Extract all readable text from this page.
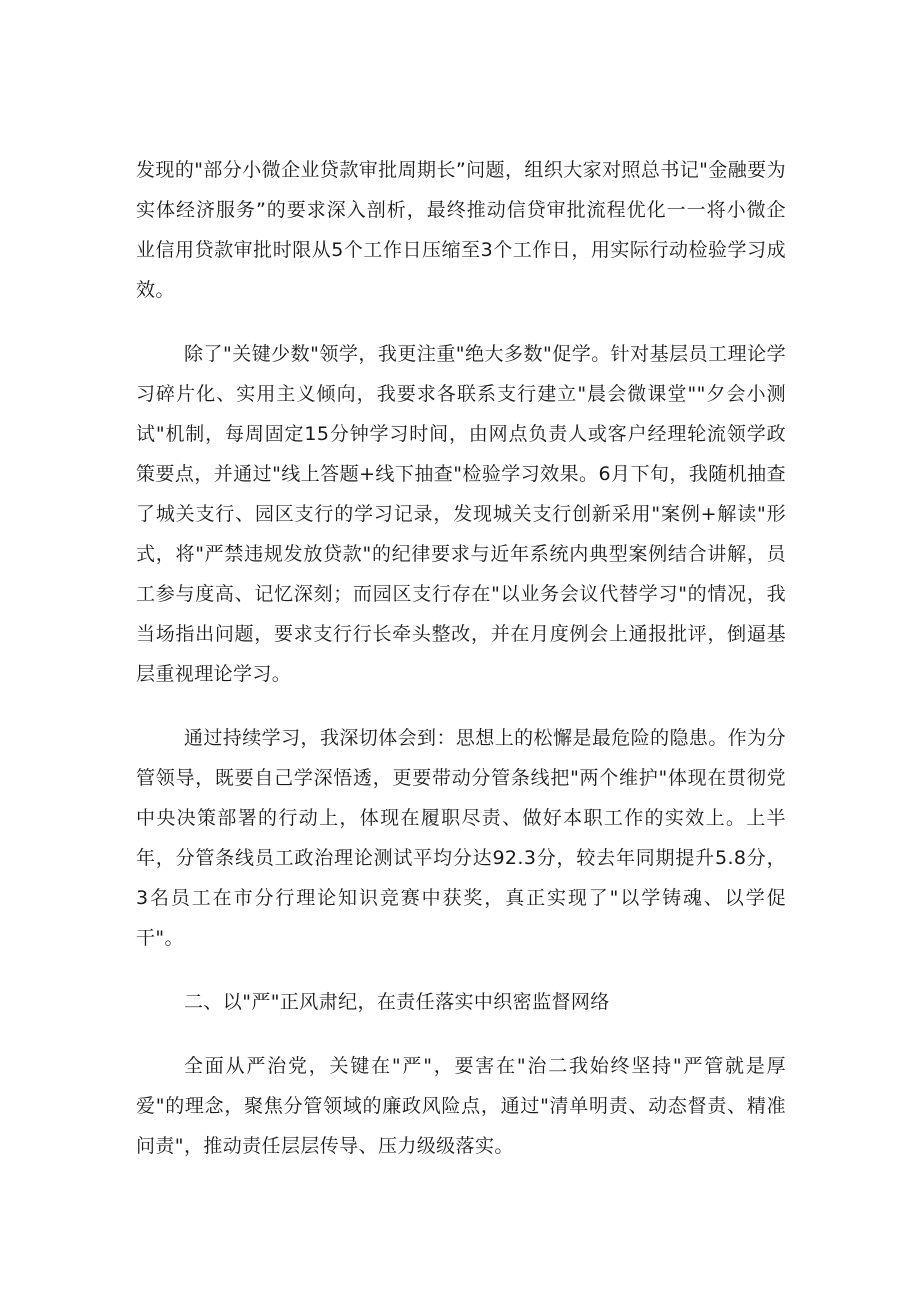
发现的"部分小微企业贷款审批周期长”问题，组织大家对照总书记"金融要为实体经济服务”的要求深入剖析，最终推动信贷审批流程优化一一将小微企业信用贷款审批时限从5个工作日压缩至3个工作日，用实际行动检验学习成效。

除了"关键少数"领学，我更注重"绝大多数"促学。针对基层员工理论学习碎片化、实用主义倾向，我要求各联系支行建立"晨会微课堂""夕会小测试"机制，每周固定15分钟学习时间，由网点负责人或客户经理轮流领学政策要点，并通过"线上答题+线下抽查"检验学习效果。6月下旬，我随机抽查了城关支行、园区支行的学习记录，发现城关支行创新采用"案例+解读"形式，将"严禁违规发放贷款"的纪律要求与近年系统内典型案例结合讲解，员工参与度高、记忆深刻；而园区支行存在"以业务会议代替学习"的情况，我当场指出问题，要求支行行长牵头整改，并在月度例会上通报批评，倒逼基层重视理论学习。

通过持续学习，我深切体会到：思想上的松懈是最危险的隐患。作为分管领导，既要自己学深悟透，更要带动分管条线把"两个维护"体现在贯彻党中央决策部署的行动上，体现在履职尽责、做好本职工作的实效上。上半年，分管条线员工政治理论测试平均分达92.3分，较去年同期提升5.8分，3名员工在市分行理论知识竞赛中获奖，真正实现了"以学铸魂、以学促干"。

二、以"严"正风肃纪，在责任落实中织密监督网络

全面从严治党，关键在"严"，要害在"治二我始终坚持"严管就是厚爱"的理念，聚焦分管领域的廉政风险点，通过"清单明责、动态督责、精准问责"，推动责任层层传导、压力级级落实。
